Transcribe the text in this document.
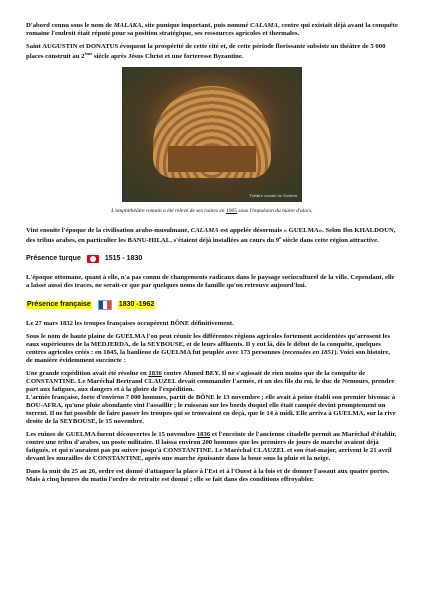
D'abord connu sous le nom de MALAKA, site punique important, puis nommé CALAMA, centre qui existait déjà avant la conquête romaine l'endroit était réputé pour sa position stratégique, ses ressources agricoles et thermales.

Saint AUGUSTIN et DONATUS évoquent la prospérité de cette cité et, de cette période florissante subsiste un théâtre de 5 000 places construit au 2ème siècle après Jésus Christ et une forteresse Byzantine.

Théâtre romain de Guelma

L'amphithéâtre romain a été relevé de ses ruines en 1905 sous l'impulsion du maire d'alors.

Vint ensuite l'époque de la civilisation arabo-musulmane, CALAMA est appelée désormais « GUELMA». Selon Ibn KHALDOUN, des tribus arabes, en particulier les BANU-HILAL, s'étaient déjà installées au cours du 9e siècle dans cette région attractive.

Présence turque	1515 - 1830

L'époque ottomane, quant à elle, n'a pas connu de changements radicaux dans le paysage socioculturel de la ville. Cependant, elle a laissé aussi des traces, ne serait-ce que par quelques noms de famille qu'on retrouve aujourd'hui.

Présence française	1830 -1962

Le 27 mars 1832 les troupes françaises occupèrent BÔNE définitivement.

Sous le nom de haute plaine de GUELMA l'on peut réunir les différentes régions agricoles fortement accidentées qu'arrosent les eaux supérieures de la MEDJERDA, de la SEYBOUSE, et de leurs affluents. Il y eut là, dès le début de la conquête, quelques centres agricoles créés : en 1845, la banlieue de GUELMA fut peuplée avec 173 personnes (recensées en 1851). Voici son histoire, de manière évidemment succincte :

Une grande expédition avait été résolue en 1836 contre Ahmed BEY. Il ne s'agissait de rien moins que de la conquête de CONSTANTINE. Le Maréchal Bertrand CLAUZEL devait commander l'armée, et un des fils du roi, le duc de Nemours, prendre part aux fatigues, aux dangers et à la gloire de l'expédition.

L'armée française, forte d'environ 7 000 hommes, partit de BÔNE le 13 novembre ; elle avait à peine établi son premier bivouac à BOU-AFRA, qu'une pluie abondante vint l'assaillir ; le ruisseau sur les bords duquel elle était campée devint promptement un torrent. Il ne fut possible de faire passer les troupes qui se trouvaient en deçà, que le 14 à midi. Elle arriva à GUELMA, sur la rive droite de la SEYBOUSE, le 15 novembre.

Les ruines de GUELMA furent découvertes le 15 novembre 1836 et l'enceinte de l'ancienne citadelle permit au Maréchal d'établir, contre une tribu d'arabes, un poste militaire. Il laissa environ 200 hommes que les premiers de jours de marche avaient déjà fatigués, et qui n'auraient pas pu suivre jusqu'à CONSTANTINE. Le Maréchal CLAUZEL et son état-major, arrivent le 21 avril devant les murailles de CONSTANTINE, après une marche épuisante dans la boue sous la pluie et la neige.

Dans la nuit du 25 au 26, ordre est donné d'attaquer la place à l'Est et à l'Ouest à la fois et de donner l'assaut aux quatre portes. Mais à cinq heures du matin l'ordre de retraite est donné ; elle se fait dans des conditions effroyabler.
